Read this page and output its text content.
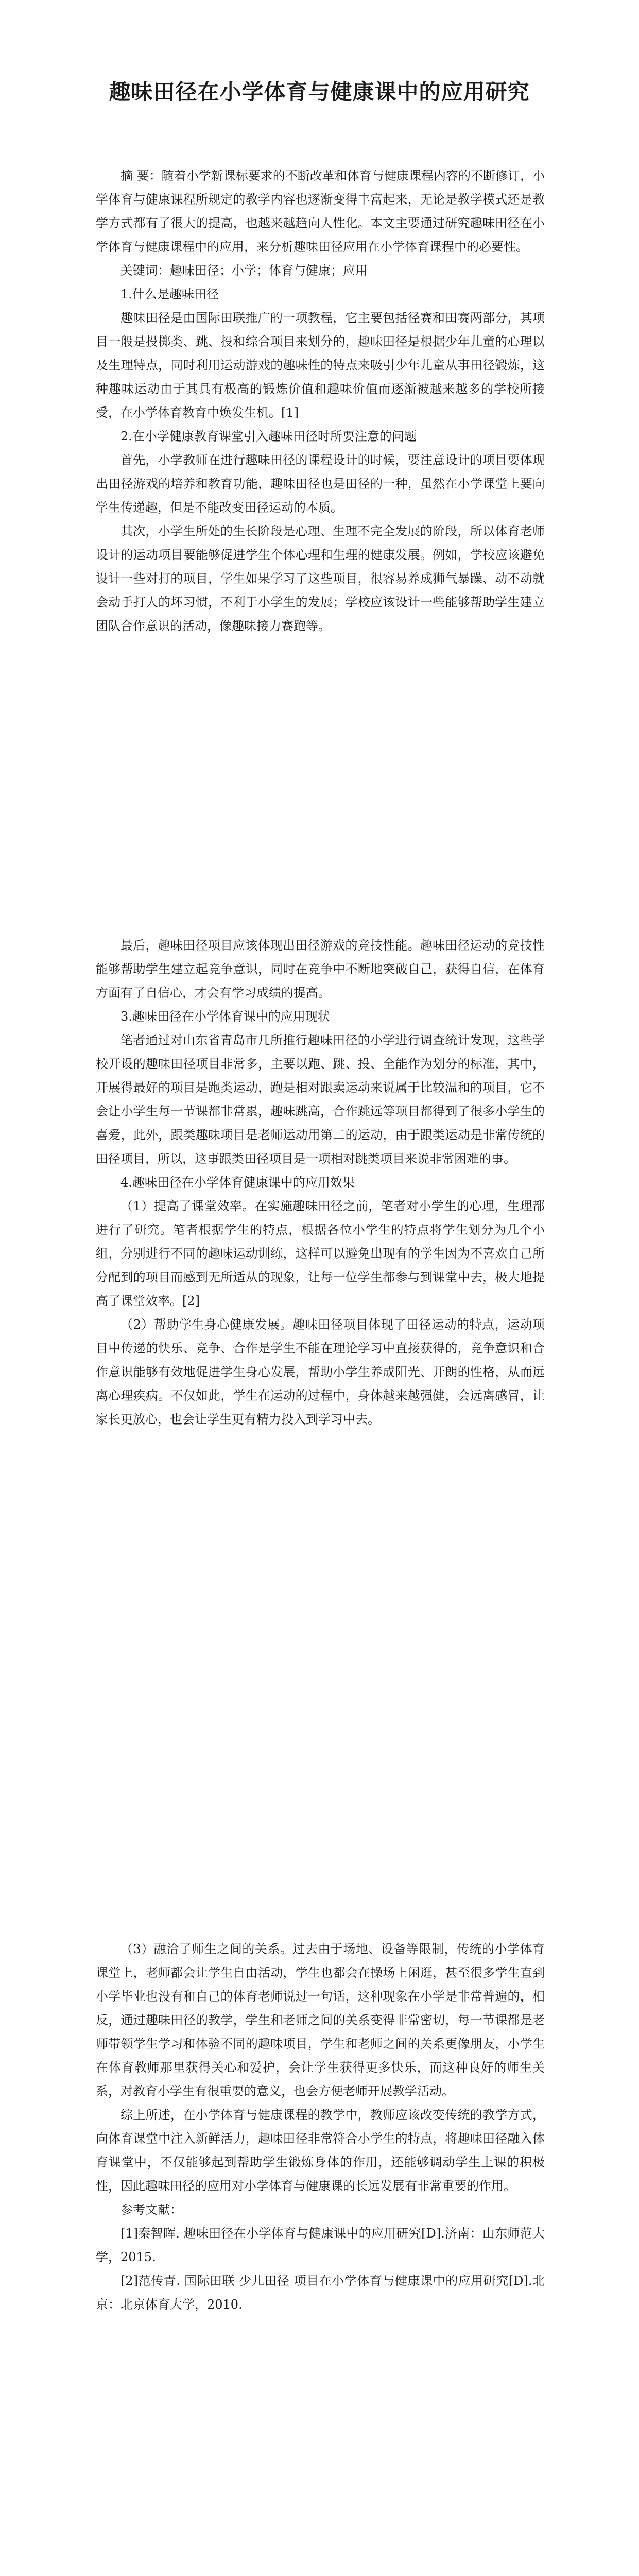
趣味田径在小学体育与健康课中的应用研究

摘 要：随着小学新课标要求的不断改革和体育与健康课程内容的不断修订，小学体育与健康课程所规定的教学内容也逐渐变得丰富起来，无论是教学模式还是教学方式都有了很大的提高，也越来越趋向人性化。本文主要通过研究趣味田径在小学体育与健康课程中的应用，来分析趣味田径应用在小学体育课程中的必要性。

关键词：趣味田径；小学；体育与健康；应用

1.什么是趣味田径

趣味田径是由国际田联推广的一项教程，它主要包括径赛和田赛两部分，其项目一般是投掷类、跳、投和综合项目来划分的，趣味田径是根据少年儿童的心理以及生理特点，同时利用运动游戏的趣味性的特点来吸引少年儿童从事田径锻炼，这种趣味运动由于其具有极高的锻炼价值和趣味价值而逐渐被越来越多的学校所接受，在小学体育教育中焕发生机。[1]

2.在小学健康教育课堂引入趣味田径时所要注意的问题

首先，小学教师在进行趣味田径的课程设计的时候，要注意设计的项目要体现出田径游戏的培养和教育功能，趣味田径也是田径的一种，虽然在小学课堂上要向学生传递趣，但是不能改变田径运动的本质。

其次，小学生所处的生长阶段是心理、生理不完全发展的阶段，所以体育老师设计的运动项目要能够促进学生个体心理和生理的健康发展。例如，学校应该避免设计一些对打的项目，学生如果学习了这些项目，很容易养成狮气暴躁、动不动就会动手打人的坏习惯，不利于小学生的发展；学校应该设计一些能够帮助学生建立团队合作意识的活动，像趣味接力赛跑等。

最后，趣味田径项目应该体现出田径游戏的竞技性能。趣味田径运动的竞技性能够帮助学生建立起竞争意识，同时在竞争中不断地突破自己，获得自信，在体育方面有了自信心，才会有学习成绩的提高。

3.趣味田径在小学体育课中的应用现状

笔者通过对山东省青岛市几所推行趣味田径的小学进行调查统计发现，这些学校开设的趣味田径项目非常多，主要以跑、跳、投、全能作为划分的标准，其中，开展得最好的项目是跑类运动，跑是相对跟卖运动来说属于比较温和的项目，它不会让小学生每一节课都非常累，趣味跳高，合作跳远等项目都得到了很多小学生的喜爱，此外，跟类趣味项目是老师运动用第二的运动，由于跟类运动是非常传统的田径项目，所以，这事跟类田径项目是一项相对跳类项目来说非常困难的事。

4.趣味田径在小学体育健康课中的应用效果

（1）提高了课堂效率。在实施趣味田径之前，笔者对小学生的心理，生理都进行了研究。笔者根据学生的特点，根据各位小学生的特点将学生划分为几个小组，分别进行不同的趣味运动训练，这样可以避免出现有的学生因为不喜欢自己所分配到的项目而感到无所适从的现象，让每一位学生都参与到课堂中去，极大地提高了课堂效率。[2]

（2）帮助学生身心健康发展。趣味田径项目体现了田径运动的特点，运动项目中传递的快乐、竞争、合作是学生不能在理论学习中直接获得的，竞争意识和合作意识能够有效地促进学生身心发展，帮助小学生养成阳光、开朗的性格，从而远离心理疾病。不仅如此，学生在运动的过程中，身体越来越强健，会远离感冒，让家长更放心，也会让学生更有精力投入到学习中去。

（3）融洽了师生之间的关系。过去由于场地、设备等限制，传统的小学体育课堂上，老师都会让学生自由活动，学生也都会在操场上闲逛，甚至很多学生直到小学毕业也没有和自己的体育老师说过一句话，这种现象在小学是非常普遍的，相反，通过趣味田径的教学，学生和老师之间的关系变得非常密切，每一节课都是老师带领学生学习和体验不同的趣味项目，学生和老师之间的关系更像朋友，小学生在体育教师那里获得关心和爱护，会让学生获得更多快乐，而这种良好的师生关系，对教育小学生有很重要的意义，也会方便老师开展教学活动。

综上所述，在小学体育与健康课程的教学中，教师应该改变传统的教学方式，向体育课堂中注入新鲜活力，趣味田径非常符合小学生的特点，将趣味田径融入体育课堂中，不仅能够起到帮助学生锻炼身体的作用，还能够调动学生上课的积极性，因此趣味田径的应用对小学体育与健康课的长远发展有非常重要的作用。

参考文献：

[1]秦智晖. 趣味田径在小学体育与健康课中的应用研究[D].济南：山东师范大学，2015.

[2]范传青. 国际田联 少儿田径 项目在小学体育与健康课中的应用研究[D].北京：北京体育大学，2010.
